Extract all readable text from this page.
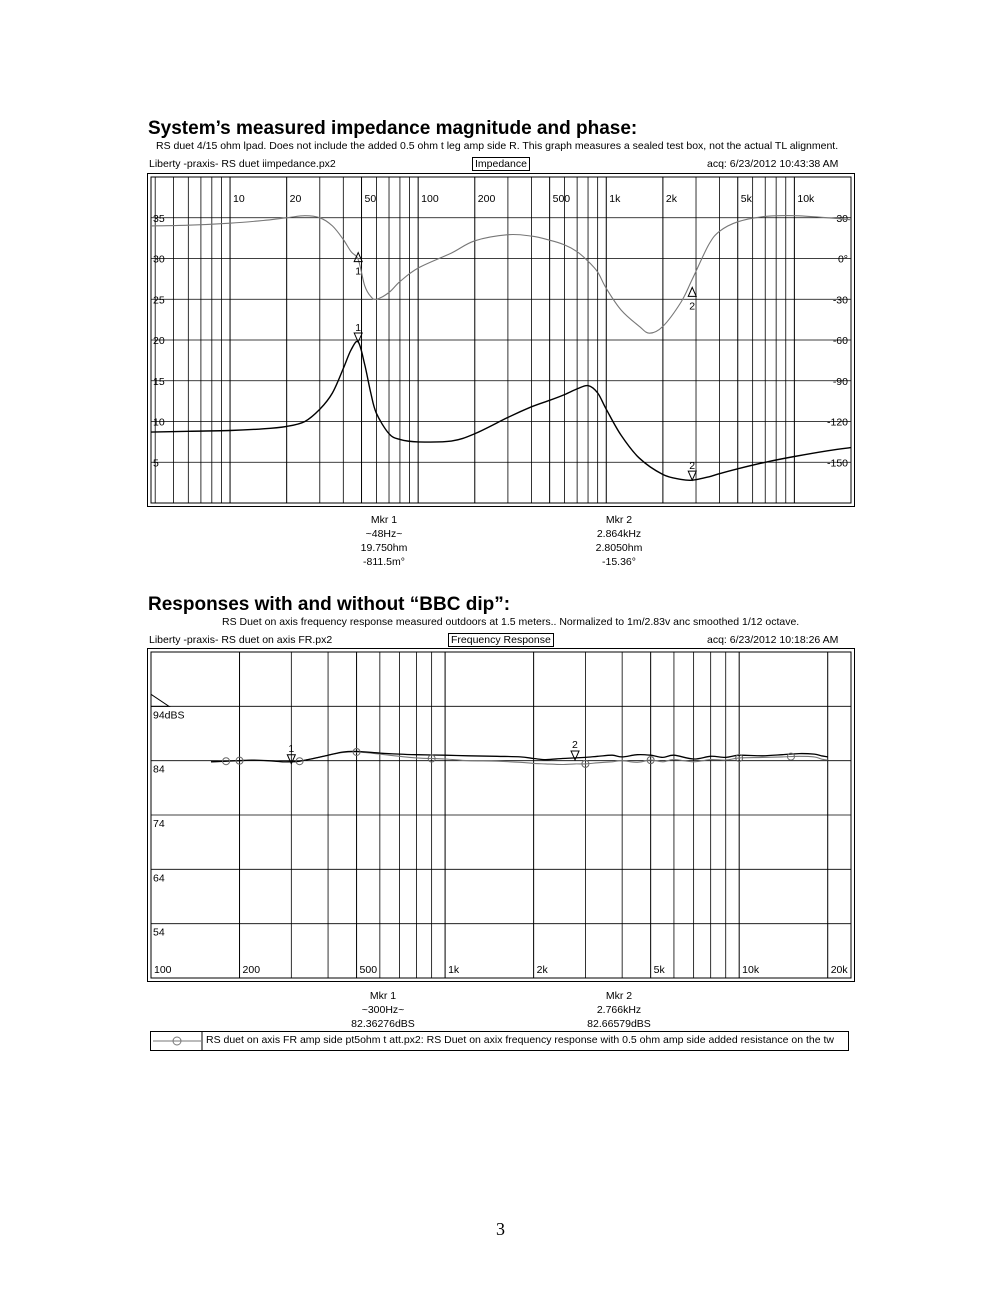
System’s measured impedance magnitude and phase:
RS duet 4/15 ohm lpad. Does not include the added 0.5 ohm t leg amp side R. This graph measures a sealed test box, not the actual TL alignment.
Liberty -praxis- RS duet iimpedance.px2	Impedance	acq: 6/23/2012 10:43:38 AM
10	20	50	100	200	500	1k	2k	5k	10k
5
10
15
20
25
30
35	30
0°
-30
-60
-90
-120
-150
1
1
2
2
Mkr 1
~48Hz~
19.750hm
-811.5m°
Mkr 2
2.864kHz
2.8050hm
-15.36°
Responses with and without “BBC dip”:
RS Duet on axis frequency response measured outdoors at 1.5 meters.. Normalized to 1m/2.83v anc smoothed 1/12 octave.
Liberty -praxis- RS duet on axis FR.px2	Frequency Response	acq: 6/23/2012 10:18:26 AM
100	200	500	1k	2k	5k	10k	20k
94dBS
84
74
64
54
1	2
Mkr 1
~300Hz~
82.36276dBS
Mkr 2
2.766kHz
82.66579dBS
RS duet on axis FR amp side pt5ohm t att.px2: RS Duet on axix frequency response with 0.5 ohm amp side added resistance on the tw
3
